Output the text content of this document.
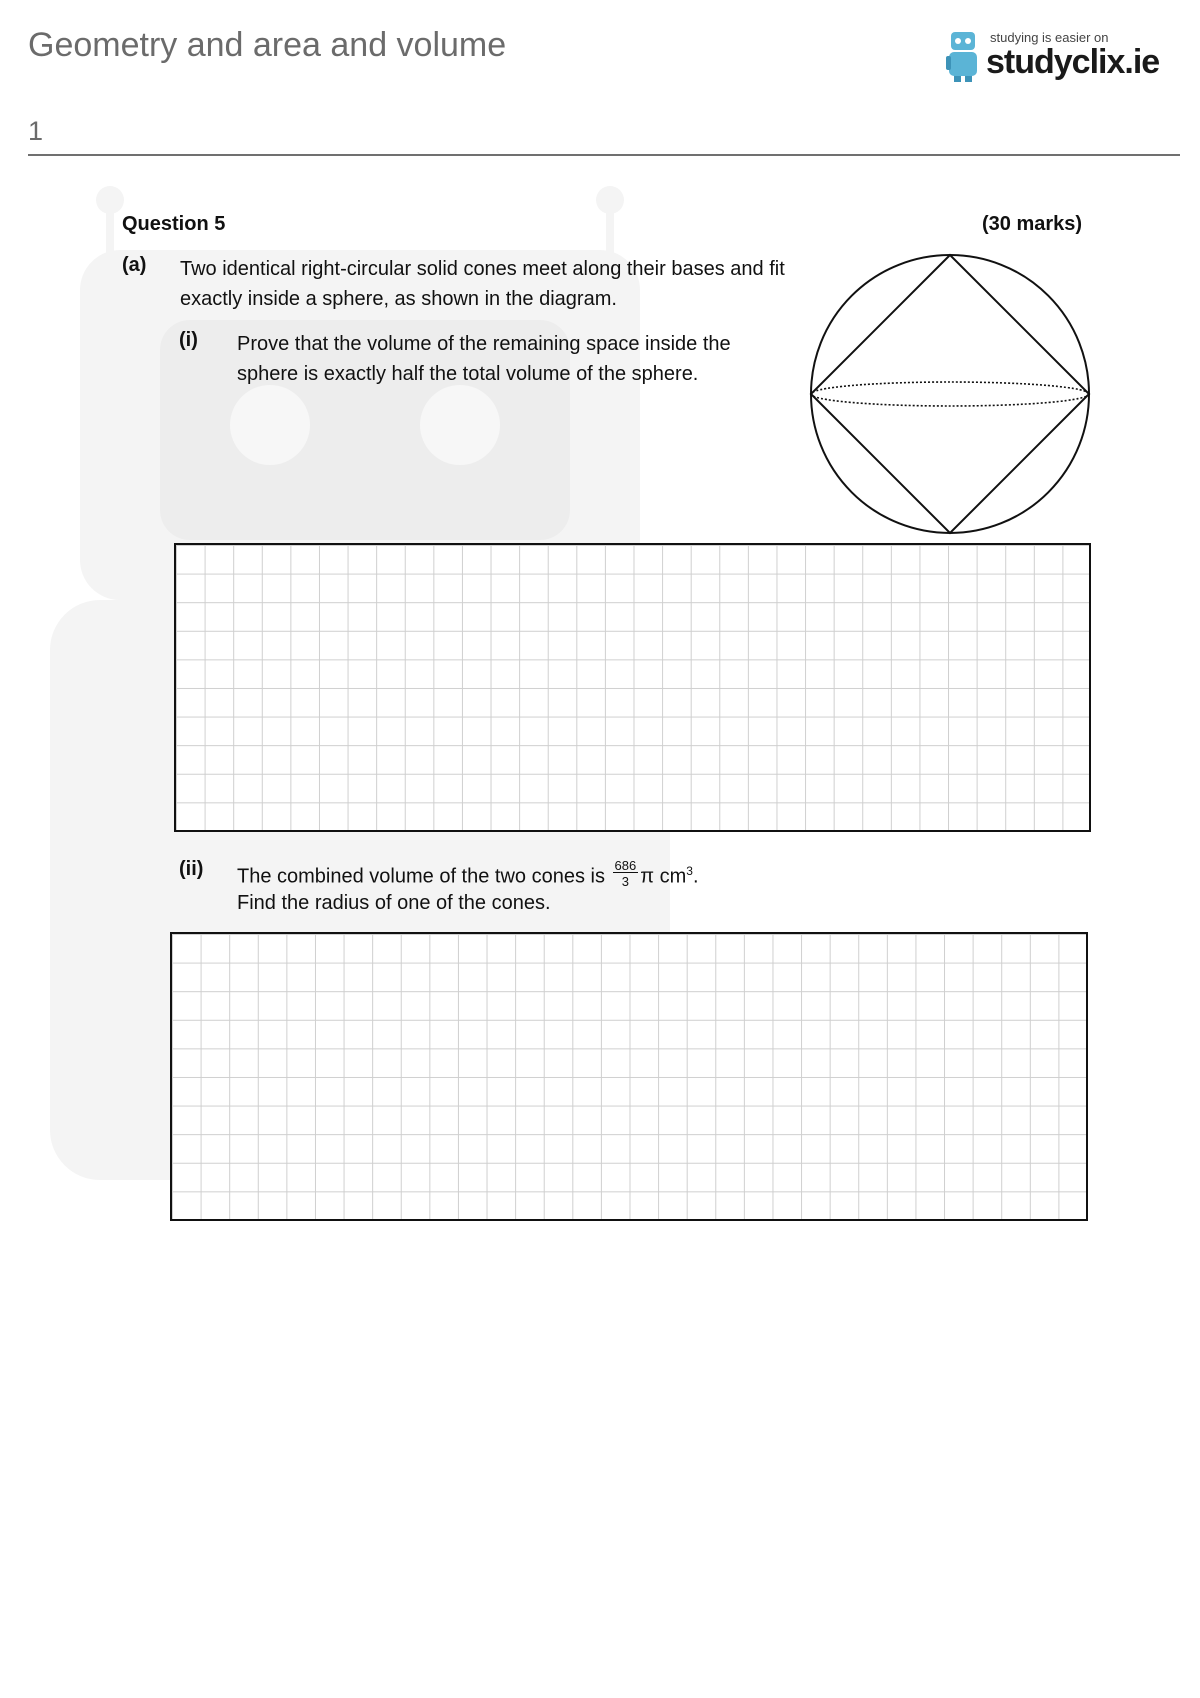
Geometry and area and volume
1
studying is easier on
studyclix.ie
Question 5	(30 marks)
(a) Two identical right-circular solid cones meet along their bases and fit exactly inside a sphere, as shown in the diagram.
(i) Prove that the volume of the remaining space inside the sphere is exactly half the total volume of the sphere.
(ii) The combined volume of the two cones is $\frac{686}{3}$ π $cm^3$.
Find the radius of one of the cones.
